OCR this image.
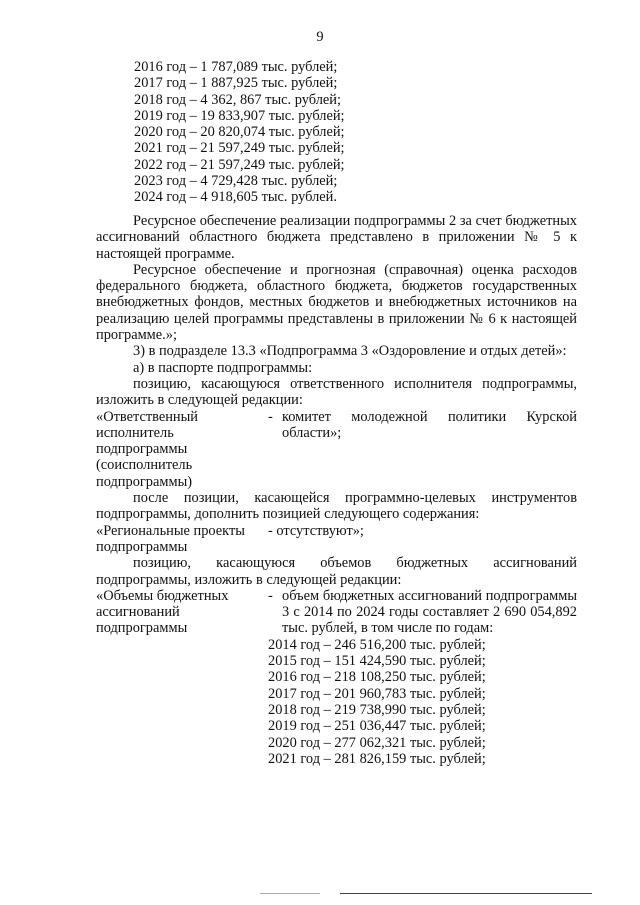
9
2016 год – 1 787,089 тыс. рублей;
2017 год – 1 887,925 тыс. рублей;
2018 год – 4 362, 867 тыс. рублей;
2019 год – 19 833,907 тыс. рублей;
2020 год – 20 820,074 тыс. рублей;
2021 год – 21 597,249 тыс. рублей;
2022 год – 21 597,249 тыс. рублей;
2023 год – 4 729,428 тыс. рублей;
2024 год – 4 918,605 тыс. рублей.
Ресурсное обеспечение реализации подпрограммы 2 за счет бюджетных ассигнований областного бюджета представлено в приложении № 5 к настоящей программе.
Ресурсное обеспечение и прогнозная (справочная) оценка расходов федерального бюджета, областного бюджета, бюджетов государственных внебюджетных фондов, местных бюджетов и внебюджетных источников на реализацию целей программы представлены в приложении № 6 к настоящей программе.»;
3) в подразделе 13.3 «Подпрограмма 3 «Оздоровление и отдых детей»:
а) в паспорте подпрограммы:
позицию, касающуюся ответственного исполнителя подпрограммы, изложить в следующей редакции:
«Ответственный исполнитель подпрограммы (соисполнитель подпрограммы)
- комитет молодежной политики Курской области»;
после позиции, касающейся программно-целевых инструментов подпрограммы, дополнить позицией следующего содержания:
«Региональные проекты подпрограммы
- отсутствуют»;
позицию, касающуюся объемов бюджетных ассигнований подпрограммы, изложить в следующей редакции:
«Объемы бюджетных ассигнований подпрограммы
- объем бюджетных ассигнований подпрограммы 3 с 2014 по 2024 годы составляет 2 690 054,892 тыс. рублей, в том числе по годам:
2014 год – 246 516,200 тыс. рублей;
2015 год – 151 424,590 тыс. рублей;
2016 год – 218 108,250 тыс. рублей;
2017 год – 201 960,783 тыс. рублей;
2018 год – 219 738,990 тыс. рублей;
2019 год – 251 036,447 тыс. рублей;
2020 год – 277 062,321 тыс. рублей;
2021 год – 281 826,159 тыс. рублей;
